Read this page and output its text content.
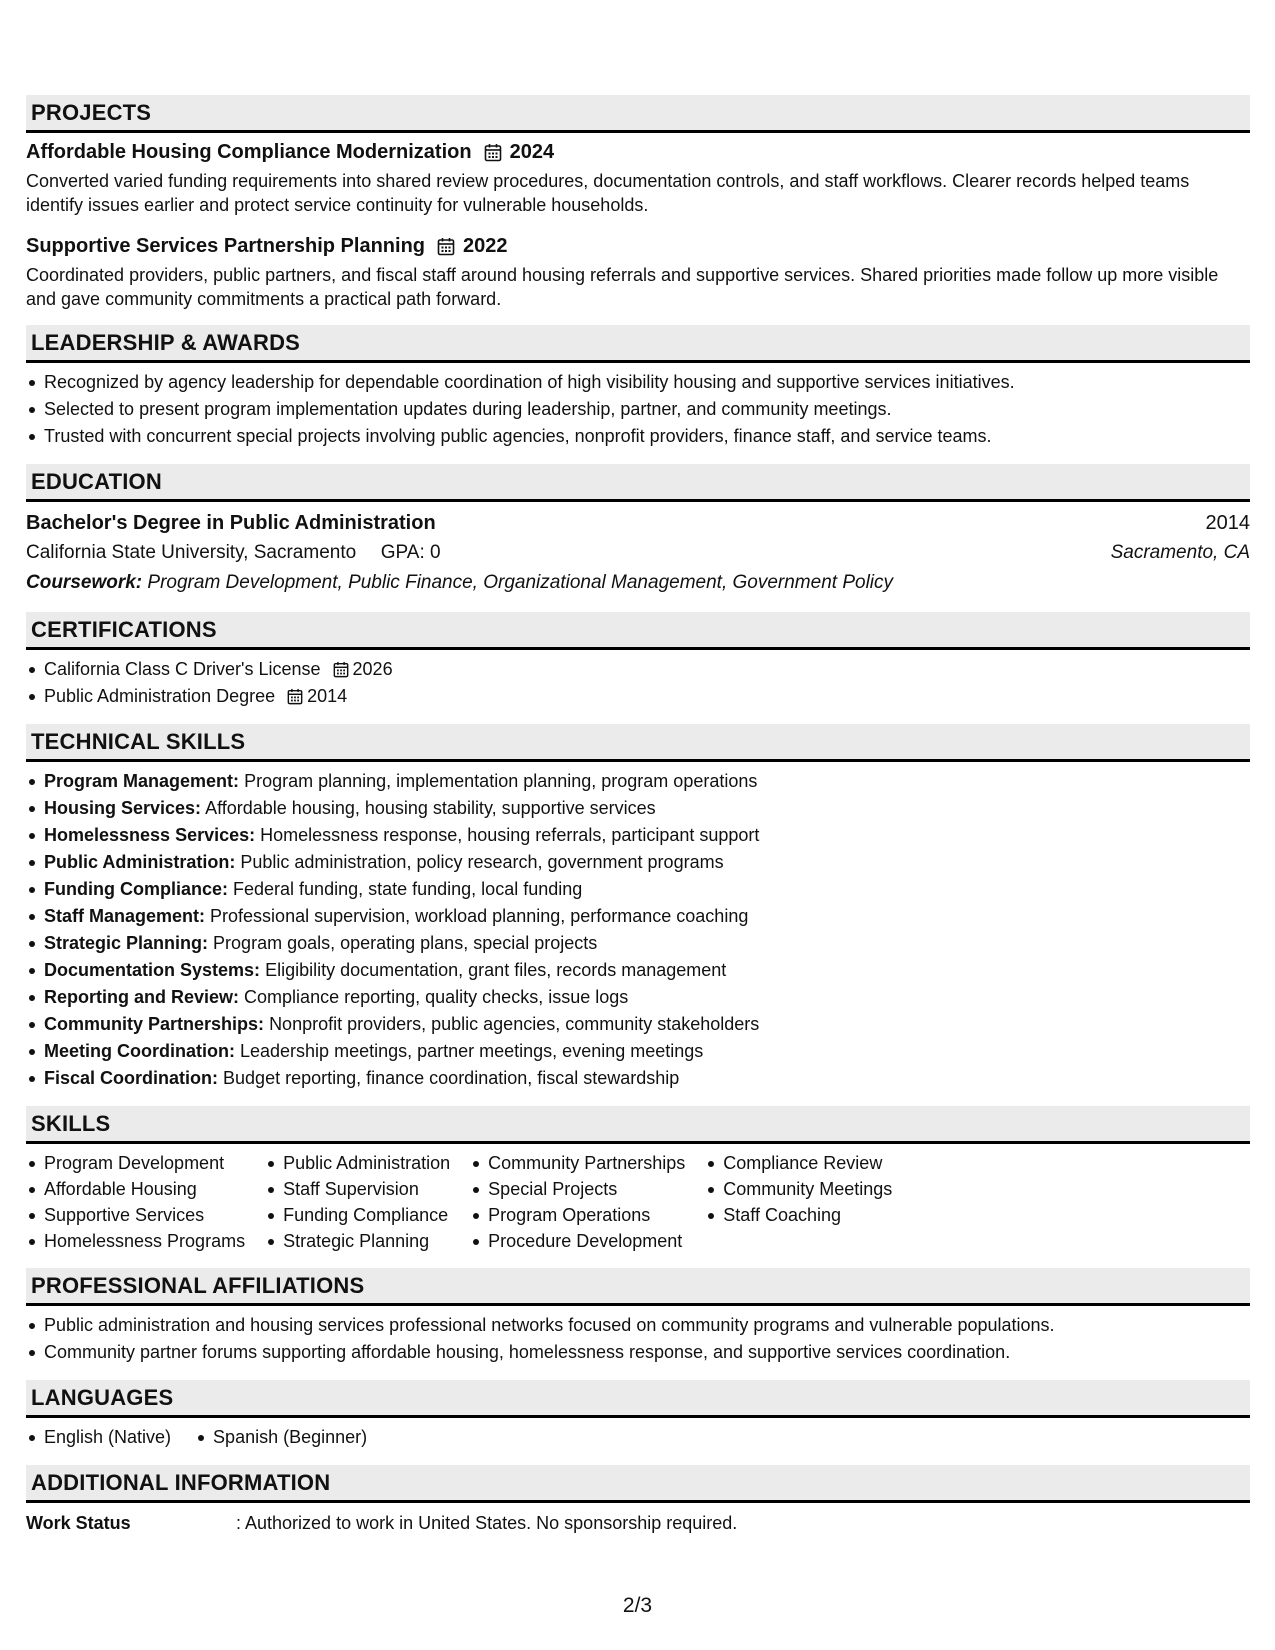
PROJECTS
Affordable Housing Compliance Modernization 2024
Converted varied funding requirements into shared review procedures, documentation controls, and staff workflows. Clearer records helped teams identify issues earlier and protect service continuity for vulnerable households.
Supportive Services Partnership Planning 2022
Coordinated providers, public partners, and fiscal staff around housing referrals and supportive services. Shared priorities made follow up more visible and gave community commitments a practical path forward.
LEADERSHIP & AWARDS
Recognized by agency leadership for dependable coordination of high visibility housing and supportive services initiatives.
Selected to present program implementation updates during leadership, partner, and community meetings.
Trusted with concurrent special projects involving public agencies, nonprofit providers, finance staff, and service teams.
EDUCATION
Bachelor's Degree in Public Administration	2014
California State University, Sacramento GPA: 0	Sacramento, CA
Coursework: Program Development, Public Finance, Organizational Management, Government Policy
CERTIFICATIONS
California Class C Driver's License 2026
Public Administration Degree 2014
TECHNICAL SKILLS
Program Management: Program planning, implementation planning, program operations
Housing Services: Affordable housing, housing stability, supportive services
Homelessness Services: Homelessness response, housing referrals, participant support
Public Administration: Public administration, policy research, government programs
Funding Compliance: Federal funding, state funding, local funding
Staff Management: Professional supervision, workload planning, performance coaching
Strategic Planning: Program goals, operating plans, special projects
Documentation Systems: Eligibility documentation, grant files, records management
Reporting and Review: Compliance reporting, quality checks, issue logs
Community Partnerships: Nonprofit providers, public agencies, community stakeholders
Meeting Coordination: Leadership meetings, partner meetings, evening meetings
Fiscal Coordination: Budget reporting, finance coordination, fiscal stewardship
SKILLS
Program Development
Affordable Housing
Supportive Services
Homelessness Programs
Public Administration
Staff Supervision
Funding Compliance
Strategic Planning
Community Partnerships
Special Projects
Program Operations
Procedure Development
Compliance Review
Community Meetings
Staff Coaching
PROFESSIONAL AFFILIATIONS
Public administration and housing services professional networks focused on community programs and vulnerable populations.
Community partner forums supporting affordable housing, homelessness response, and supportive services coordination.
LANGUAGES
English (Native)	Spanish (Beginner)
ADDITIONAL INFORMATION
Work Status	: Authorized to work in United States. No sponsorship required.
2/3
